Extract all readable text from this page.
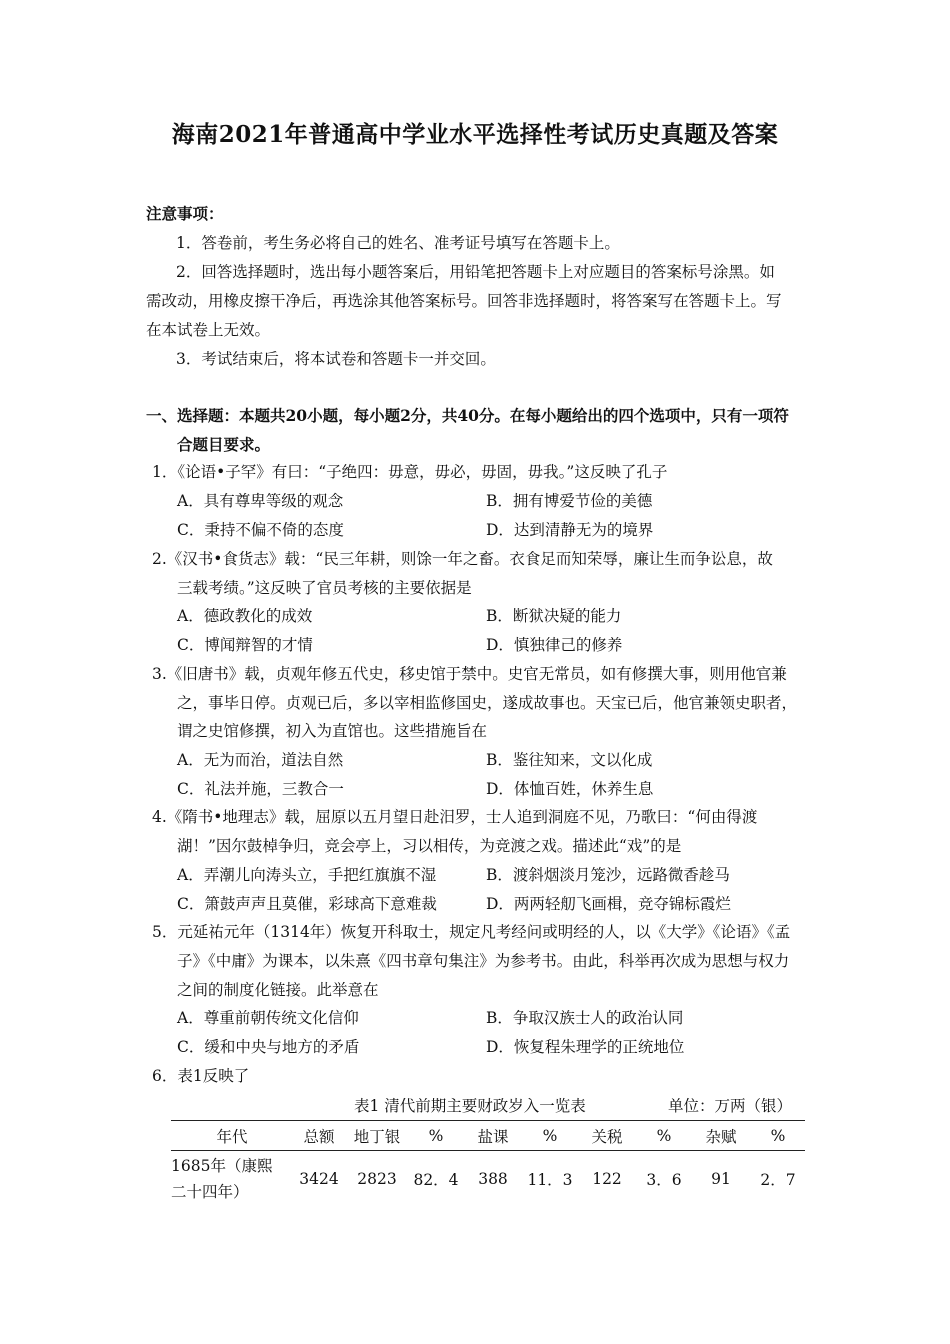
海南2021年普通高中学业水平选择性考试历史真题及答案
注意事项：
1．答卷前，考生务必将自己的姓名、准考证号填写在答题卡上。
2．回答选择题时，选出每小题答案后，用铅笔把答题卡上对应题目的答案标号涂黑。如
需改动，用橡皮擦干净后，再选涂其他答案标号。回答非选择题时，将答案写在答题卡上。写
在本试卷上无效。
3．考试结束后，将本试卷和答题卡一并交回。
一、选择题：本题共20小题，每小题2分，共40分。在每小题给出的四个选项中，只有一项符
合题目要求。
1．《论语•子罕》有曰：“子绝四：毋意，毋必，毋固，毋我。”这反映了孔子
A．具有尊卑等级的观念	B．拥有博爱节俭的美德
C．秉持不偏不倚的态度	D．达到清静无为的境界
2.《汉书•食货志》载：“民三年耕，则馀一年之畜。衣食足而知荣辱，廉让生而争讼息，故
三载考绩。”这反映了官员考核的主要依据是
A．德政教化的成效	B．断狱决疑的能力
C．博闻辩智的才情	D．慎独律己的修养
3.《旧唐书》载，贞观年修五代史，移史馆于禁中。史官无常员，如有修撰大事，则用他官兼
之，事毕日停。贞观已后，多以宰相监修国史，遂成故事也。天宝已后，他官兼领史职者，
谓之史馆修撰，初入为直馆也。这些措施旨在
A．无为而治，道法自然	B．鉴往知来，文以化成
C．礼法并施，三教合一	D．体恤百姓，休养生息
4.《隋书•地理志》载，屈原以五月望日赴汨罗，士人追到洞庭不见，乃歌曰：“何由得渡
湖！”因尔鼓棹争归，竞会亭上，习以相传，为竞渡之戏。描述此“戏”的是
A．弄潮儿向涛头立，手把红旗旗不湿	B．渡斜烟淡月笼沙，远路微香趁马
C．箫鼓声声且莫催，彩球高下意难裁	D．两两轻舠飞画楫，竞夺锦标霞烂
5．元延祐元年（1314年）恢复开科取士，规定凡考经问或明经的人，以《大学》《论语》《孟
子》《中庸》为课本，以朱熹《四书章句集注》为参考书。由此，科举再次成为思想与权力
之间的制度化链接。此举意在
A．尊重前朝传统文化信仰	B．争取汉族士人的政治认同
C．缓和中央与地方的矛盾	D．恢复程朱理学的正统地位
6．表1反映了
表1 清代前期主要财政岁入一览表	单位：万两（银）
年代	总额	地丁银	%	盐课	%	关税	%	杂赋	%

1685年（康熙
二十四年）	3424	2823	82．4	388	11．3	122	3．6	91	2．7
